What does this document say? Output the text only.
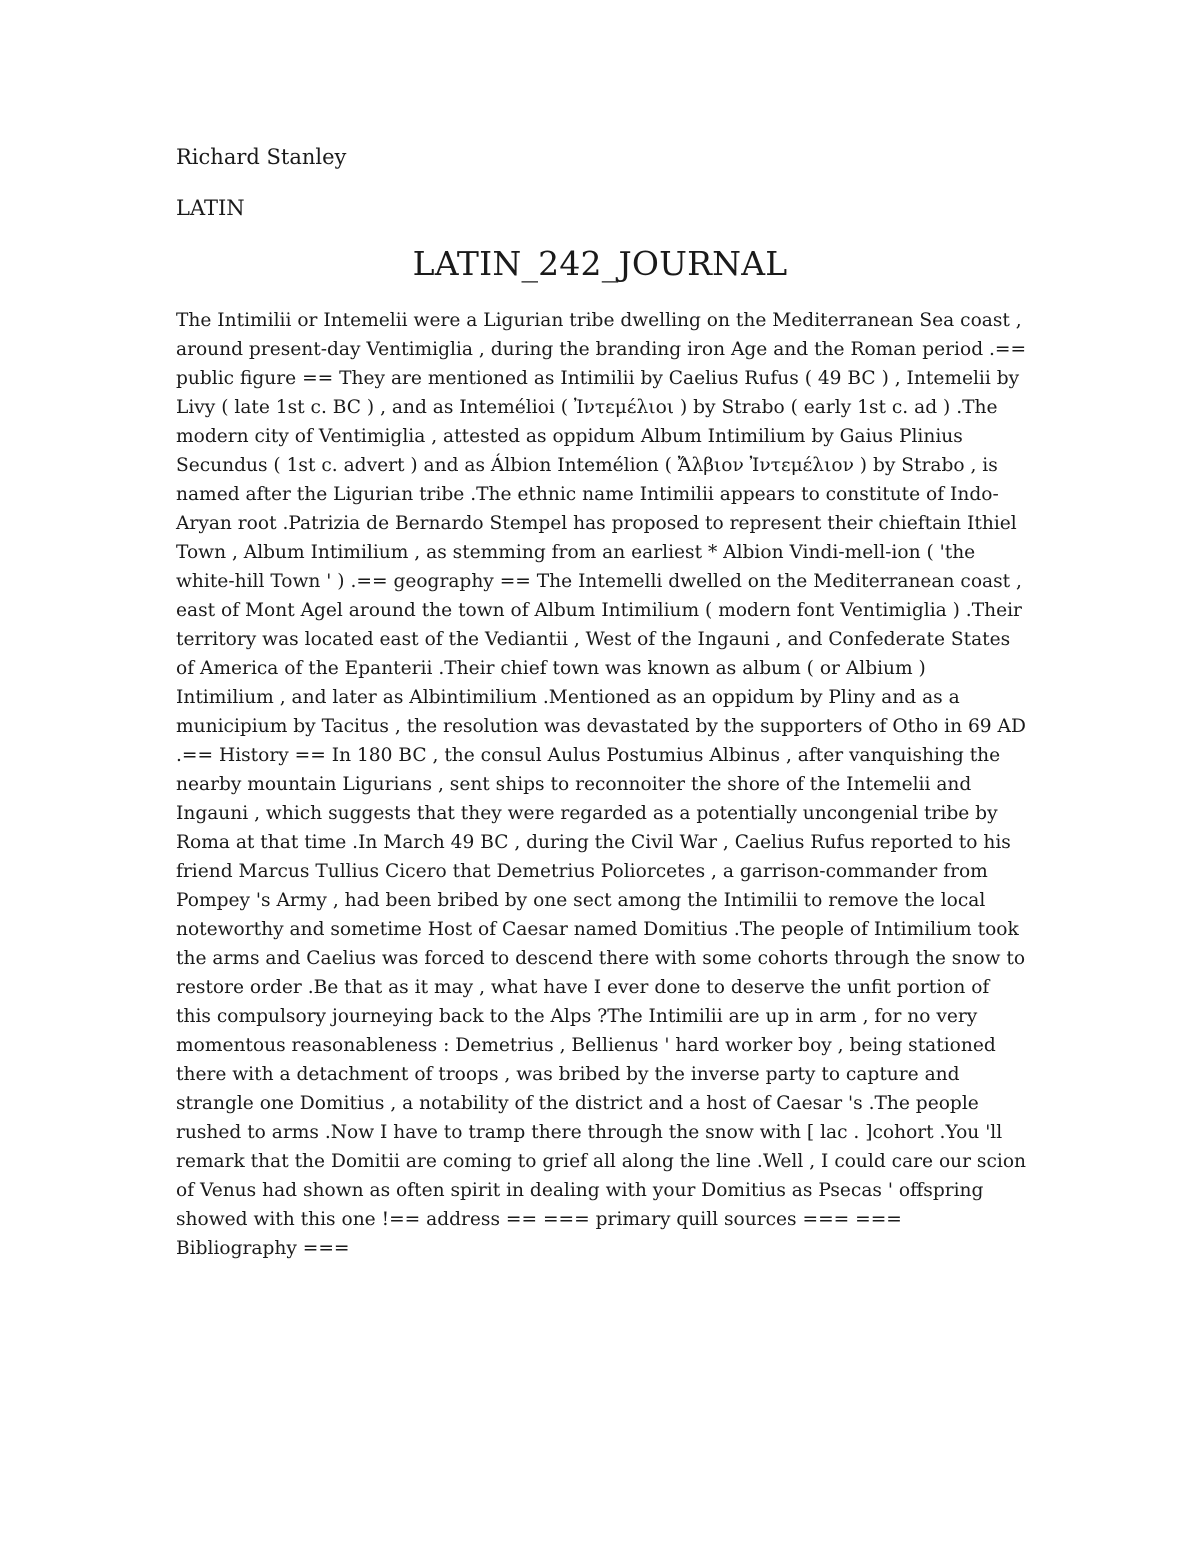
Richard Stanley
LATIN
LATIN_242_JOURNAL

The Intimilii or Intemelii were a Ligurian tribe dwelling on the Mediterranean Sea coast , around present-day Ventimiglia , during the branding iron Age and the Roman period .== public figure == They are mentioned as Intimilii by Caelius Rufus ( 49 BC ) , Intemelii by Livy ( late 1st c. BC ) , and as Intemélioi ( Ἰντεμέλιοι ) by Strabo ( early 1st c. ad ) .The modern city of Ventimiglia , attested as oppidum Album Intimilium by Gaius Plinius Secundus ( 1st c. advert ) and as Álbion Intemélion ( Ἄλβιον Ἰντεμέλιον ) by Strabo , is named after the Ligurian tribe .The ethnic name Intimilii appears to constitute of Indo-Aryan root .Patrizia de Bernardo Stempel has proposed to represent their chieftain Ithiel Town , Album Intimilium , as stemming from an earliest * Albion Vindi-mell-ion ( 'the white-hill Town ' ) .== geography == The Intemelli dwelled on the Mediterranean coast , east of Mont Agel around the town of Album Intimilium ( modern font Ventimiglia ) .Their territory was located east of the Vediantii , West of the Ingauni , and Confederate States of America of the Epanterii .Their chief town was known as album ( or Albium ) Intimilium , and later as Albintimilium .Mentioned as an oppidum by Pliny and as a municipium by Tacitus , the resolution was devastated by the supporters of Otho in 69 AD .== History == In 180 BC , the consul Aulus Postumius Albinus , after vanquishing the nearby mountain Ligurians , sent ships to reconnoiter the shore of the Intemelii and Ingauni , which suggests that they were regarded as a potentially uncongenial tribe by Roma at that time .In March 49 BC , during the Civil War , Caelius Rufus reported to his friend Marcus Tullius Cicero that Demetrius Poliorcetes , a garrison-commander from Pompey 's Army , had been bribed by one sect among the Intimilii to remove the local noteworthy and sometime Host of Caesar named Domitius .The people of Intimilium took the arms and Caelius was forced to descend there with some cohorts through the snow to restore order .Be that as it may , what have I ever done to deserve the unfit portion of this compulsory journeying back to the Alps ?The Intimilii are up in arm , for no very momentous reasonableness : Demetrius , Bellienus ' hard worker boy , being stationed there with a detachment of troops , was bribed by the inverse party to capture and strangle one Domitius , a notability of the district and a host of Caesar 's .The people rushed to arms .Now I have to tramp there through the snow with [ lac . ]cohort .You 'll remark that the Domitii are coming to grief all along the line .Well , I could care our scion of Venus had shown as often spirit in dealing with your Domitius as Psecas ' offspring showed with this one !== address == === primary quill sources === === Bibliography ===
